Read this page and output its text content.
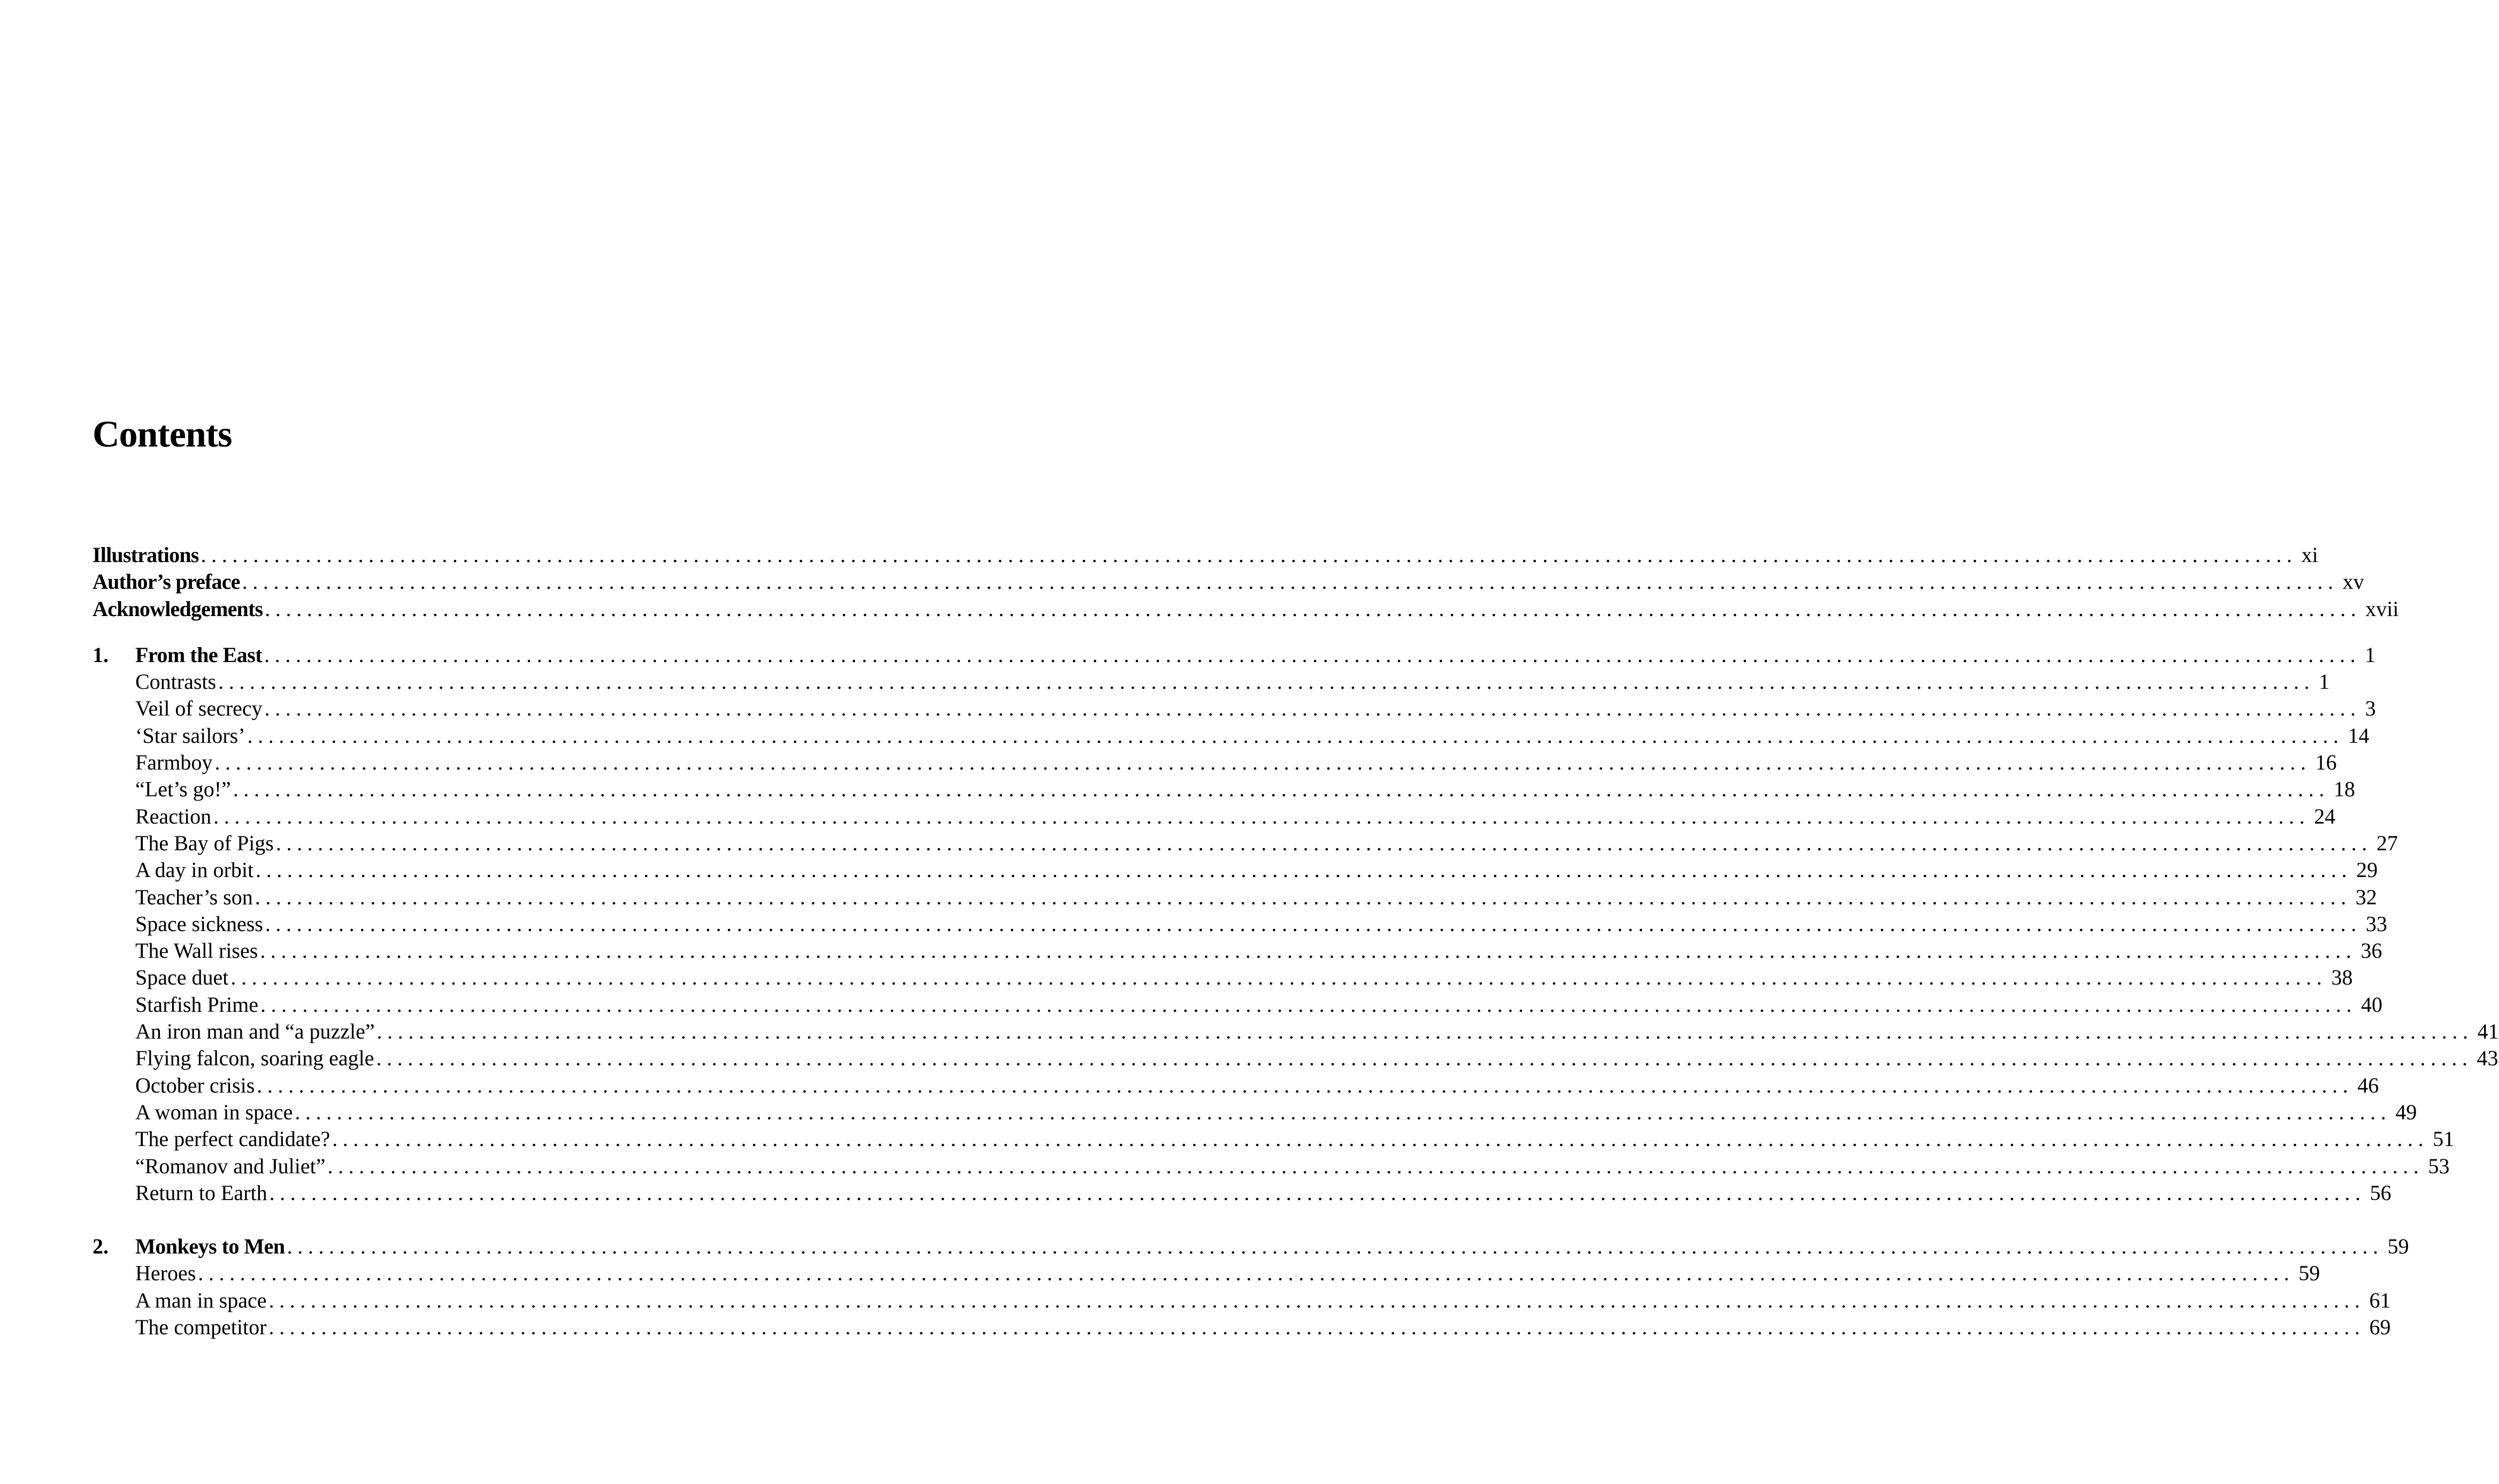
Contents
Illustrations ........................................................................................................................................................................................................ xi
Author’s preface ........................................................................................................................................................................................................ xv
Acknowledgements ........................................................................................................................................................................................................ xvii
1.	From the East ........................................................................................................................................................................................................ 1
Contrasts ........................................................................................................................................................................................................ 1
Veil of secrecy ........................................................................................................................................................................................................ 3
‘Star sailors’ ........................................................................................................................................................................................................ 14
Farmboy ........................................................................................................................................................................................................ 16
“Let’s go!” ........................................................................................................................................................................................................ 18
Reaction ........................................................................................................................................................................................................ 24
The Bay of Pigs ........................................................................................................................................................................................................ 27
A day in orbit ........................................................................................................................................................................................................ 29
Teacher’s son ........................................................................................................................................................................................................ 32
Space sickness ........................................................................................................................................................................................................ 33
The Wall rises ........................................................................................................................................................................................................ 36
Space duet ........................................................................................................................................................................................................ 38
Starfish Prime ........................................................................................................................................................................................................ 40
An iron man and “a puzzle” ........................................................................................................................................................................................................ 41
Flying falcon, soaring eagle ........................................................................................................................................................................................................ 43
October crisis ........................................................................................................................................................................................................ 46
A woman in space ........................................................................................................................................................................................................ 49
The perfect candidate? ........................................................................................................................................................................................................ 51
“Romanov and Juliet” ........................................................................................................................................................................................................ 53
Return to Earth ........................................................................................................................................................................................................ 56
2.	Monkeys to Men ........................................................................................................................................................................................................ 59
Heroes ........................................................................................................................................................................................................ 59
A man in space ........................................................................................................................................................................................................ 61
The competitor ........................................................................................................................................................................................................ 69
